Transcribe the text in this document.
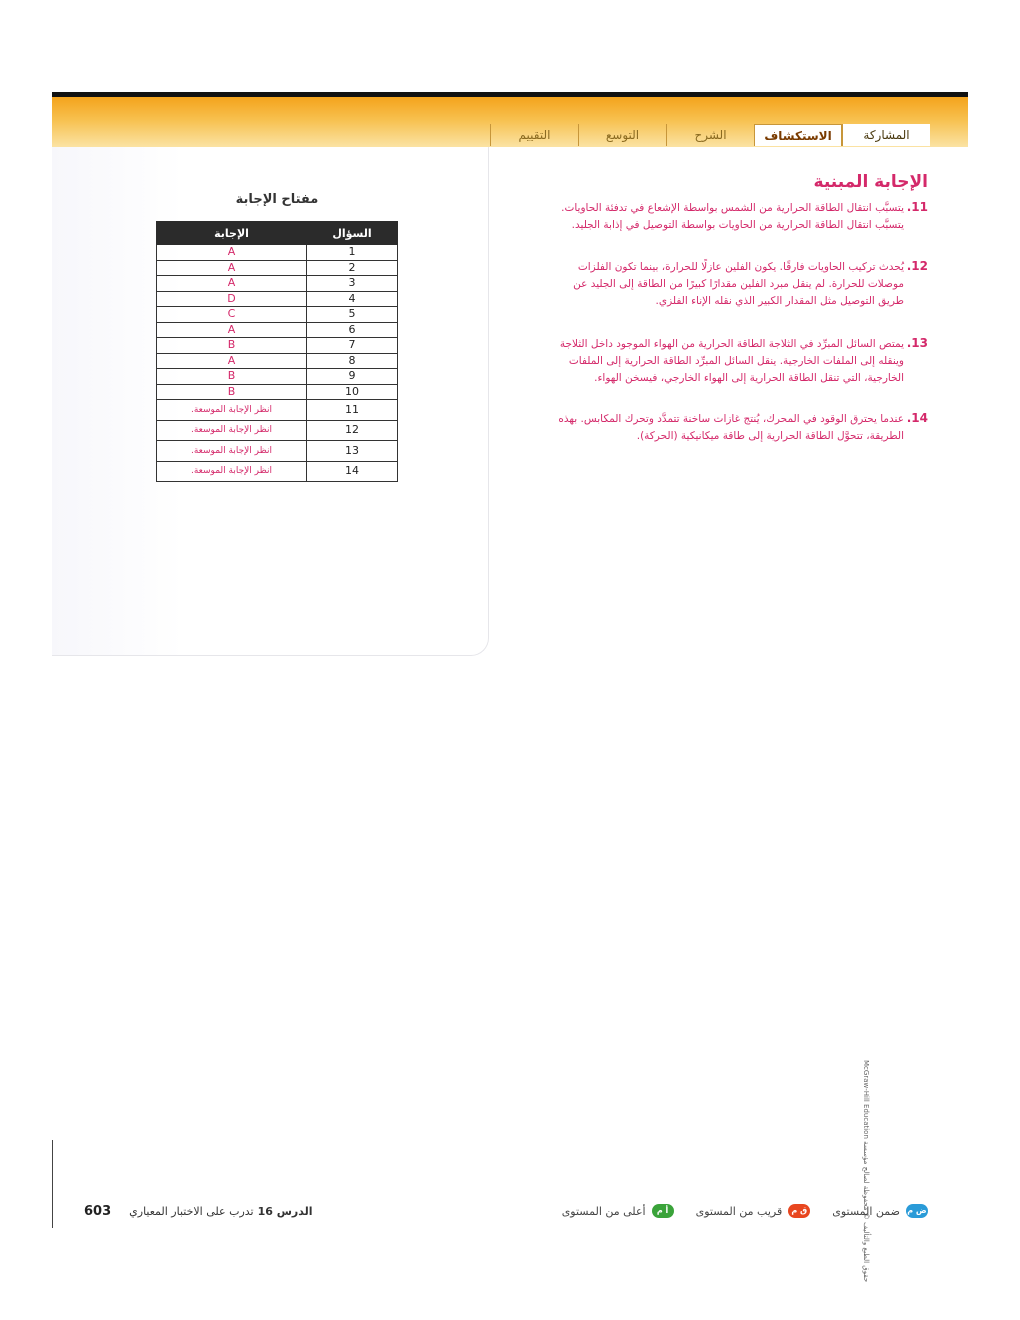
المشاركة
الاستكشاف
الشرح
التوسع
التقييم
مفتاح الإجابة
السؤال	الإجابة
1	A
2	A
3	A
4	D
5	C
6	A
7	B
8	A
9	B
10	B
11	انظر الإجابة الموسعة.
12	انظر الإجابة الموسعة.
13	انظر الإجابة الموسعة.
14	انظر الإجابة الموسعة.
الإجابة المبنية
11.
يتسبَّب انتقال الطاقة الحرارية من الشمس بواسطة الإشعاع في تدفئة الحاويات. يتسبَّب انتقال الطاقة الحرارية من الحاويات بواسطة التوصيل في إذابة الجليد.
12.
يُحدث تركيب الحاويات فارقًا. يكون الفلين عازلًا للحرارة، بينما تكون الفلزات موصلات للحرارة. لم ينقل مبرد الفلين مقدارًا كبيرًا من الطاقة إلى الجليد عن طريق التوصيل مثل المقدار الكبير الذي نقله الإناء الفلزي.
13.
يمتص السائل المبرِّد في الثلاجة الطاقة الحرارية من الهواء الموجود داخل الثلاجة وينقله إلى الملفات الخارجية. ينقل السائل المبرِّد الطاقة الحرارية إلى الملفات الخارجية، التي تنقل الطاقة الحرارية إلى الهواء الخارجي، فيسخن الهواء.
14.
عندما يحترق الوقود في المحرك، يُنتج غازات ساخنة تتمدَّد وتحرك المكابس. بهذه الطريقة، تتحوَّل الطاقة الحرارية إلى طاقة ميكانيكية (الحركة).
McGraw-Hill Education حقوق الطبع والتأليف © محفوظة لصالح مؤسسة
الدرس 16
تدرب على الاختبار المعياري
603	ض م
ضمن المستوى
ق م
قريب من المستوى
أ م
أعلى من المستوى
